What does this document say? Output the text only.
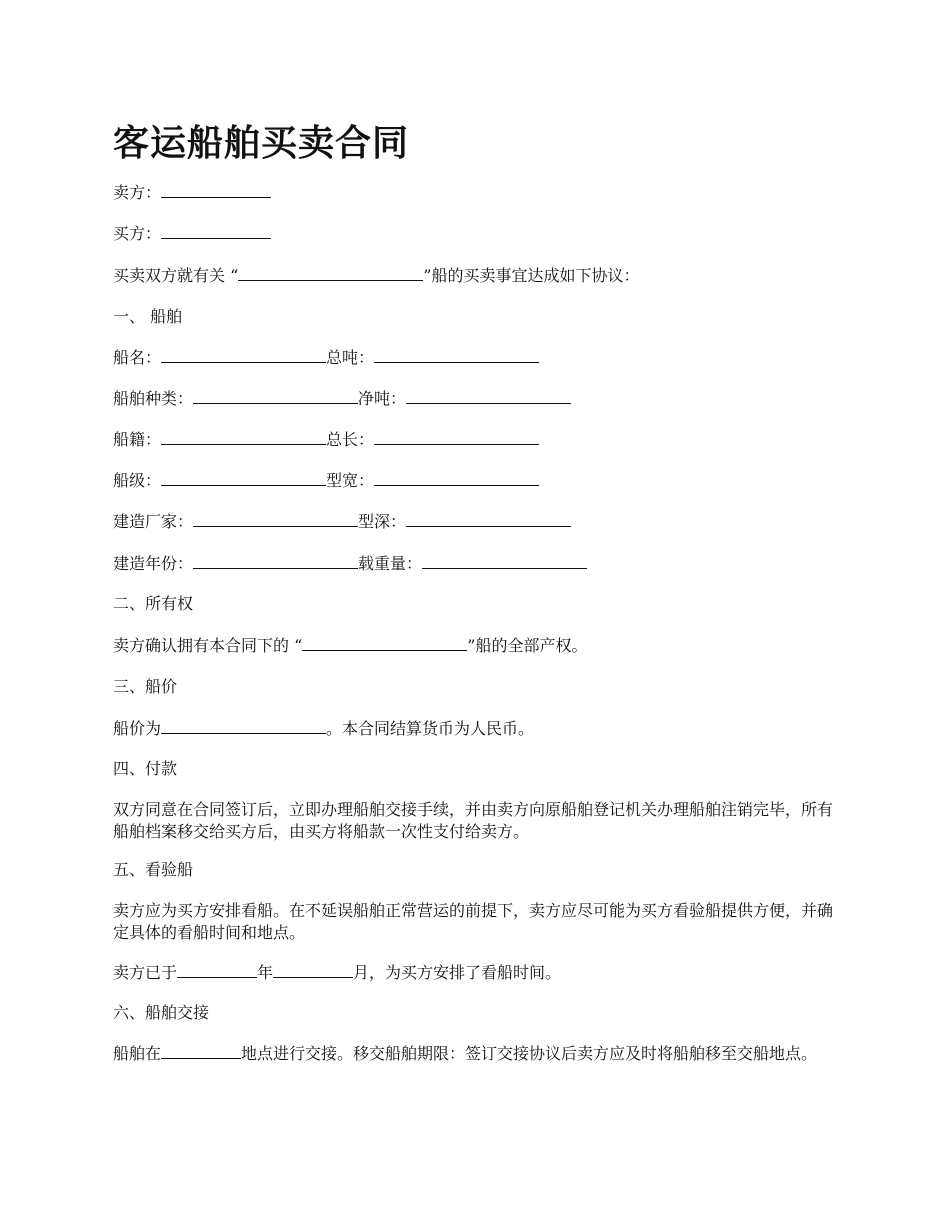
客运船舶买卖合同
卖方：
买方：
买卖双方就有关 “	”船的买卖事宜达成如下协议：
一、 船舶
船名：	总吨：
船舶种类：	净吨：
船籍：	总长：
船级：	型宽：
建造厂家：	型深：
建造年份：	载重量：
二、所有权
卖方确认拥有本合同下的 “	”船的全部产权。
三、船价
船价为	。本合同结算货币为人民币。
四、付款
双方同意在合同签订后，立即办理船舶交接手续，并由卖方向原船舶登记机关办理船舶注销完毕，所有船舶档案移交给买方后，由买方将船款一次性支付给卖方。
五、看验船
卖方应为买方安排看船。在不延误船舶正常营运的前提下，卖方应尽可能为买方看验船提供方便，并确定具体的看船时间和地点。
卖方已于	年	月，为买方安排了看船时间。
六、船舶交接
船舶在	地点进行交接。移交船舶期限：签订交接协议后卖方应及时将船舶移至交船地点。
